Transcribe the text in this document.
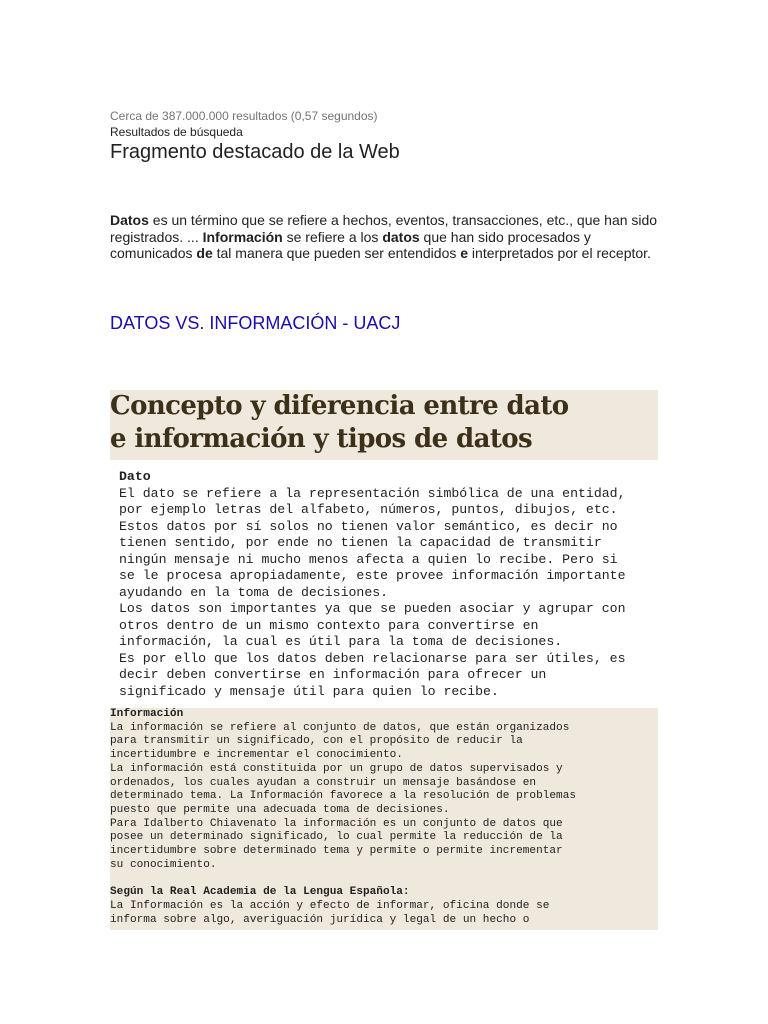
Cerca de 387.000.000 resultados (0,57 segundos)
Resultados de búsqueda
Fragmento destacado de la Web

Datos es un término que se refiere a hechos, eventos, transacciones, etc., que han sido registrados. ... Información se refiere a los datos que han sido procesados y comunicados de tal manera que pueden ser entendidos e interpretados por el receptor.

DATOS VS. INFORMACIÓN - UACJ
Concepto y diferencia entre dato
e información y tipos de datos
Dato
El dato se refiere a la representación simbólica de una entidad,
por ejemplo letras del alfabeto, números, puntos, dibujos, etc.
Estos datos por sí solos no tienen valor semántico, es decir no
tienen sentido, por ende no tienen la capacidad de transmitir
ningún mensaje ni mucho menos afecta a quien lo recibe. Pero si
se le procesa apropiadamente, este provee información importante
ayudando en la toma de decisiones.
Los datos son importantes ya que se pueden asociar y agrupar con
otros dentro de un mismo contexto para convertirse en
información, la cual es útil para la toma de decisiones.
Es por ello que los datos deben relacionarse para ser útiles, es
decir deben convertirse en información para ofrecer un
significado y mensaje útil para quien lo recibe.
Información
La información se refiere al conjunto de datos, que están organizados
para transmitir un significado, con el propósito de reducir la
incertidumbre e incrementar el conocimiento.
La información está constituida por un grupo de datos supervisados y
ordenados, los cuales ayudan a construir un mensaje basándose en
determinado tema. La Información favorece a la resolución de problemas
puesto que permite una adecuada toma de decisiones.
Para Idalberto Chiavenato la información es un conjunto de datos que
posee un determinado significado, lo cual permite la reducción de la
incertidumbre sobre determinado tema y permite o permite incrementar
su conocimiento.

Según la Real Academia de la Lengua Española:
La Información es la acción y efecto de informar, oficina donde se
informa sobre algo, averiguación jurídica y legal de un hecho o
